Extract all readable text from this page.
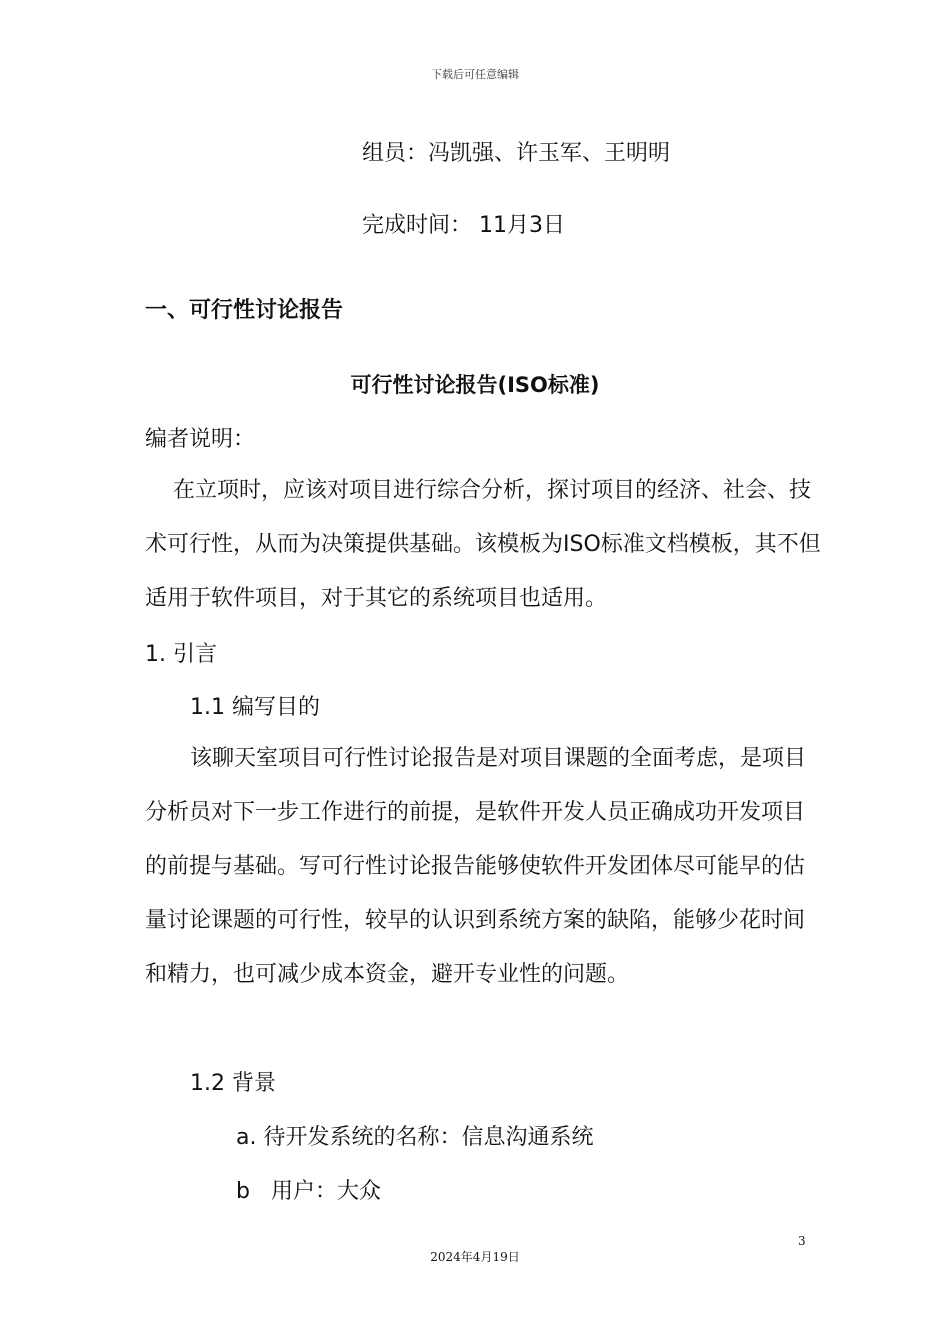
下载后可任意编辑
组员：冯凯强、许玉军、王明明
完成时间： 11月3日
一、可行性讨论报告
可行性讨论报告(ISO标准)
编者说明：
在立项时，应该对项目进行综合分析，探讨项目的经济、社会、技术可行性，从而为决策提供基础。该模板为ISO标准文档模板，其不但适用于软件项目，对于其它的系统项目也适用。
1. 引言
1.1 编写目的
该聊天室项目可行性讨论报告是对项目课题的全面考虑，是项目分析员对下一步工作进行的前提，是软件开发人员正确成功开发项目的前提与基础。写可行性讨论报告能够使软件开发团体尽可能早的估量讨论课题的可行性，较早的认识到系统方案的缺陷，能够少花时间和精力，也可减少成本资金，避开专业性的问题。
1.2 背景
a. 待开发系统的名称：信息沟通系统
b   用户：大众
3
2024年4月19日
